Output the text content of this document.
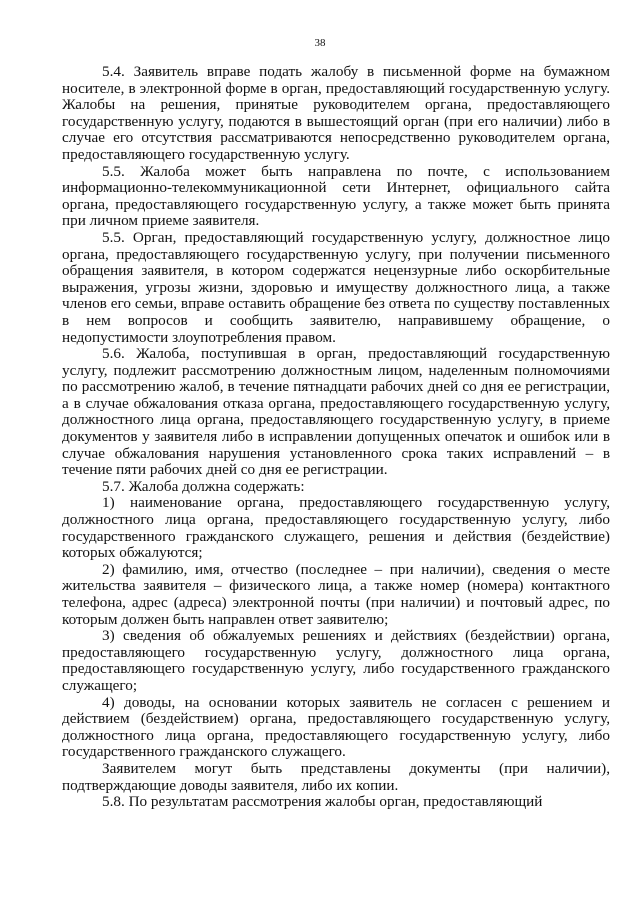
38

5.4. Заявитель вправе подать жалобу в письменной форме на бумажном носителе, в электронной форме в орган, предоставляющий государственную услугу. Жалобы на решения, принятые руководителем органа, предоставляющего государственную услугу, подаются в вышестоящий орган (при его наличии) либо в случае его отсутствия рассматриваются непосредственно руководителем органа, предоставляющего государственную услугу.

5.5. Жалоба может быть направлена по почте, с использованием информационно-телекоммуникационной сети Интернет, официального сайта органа, предоставляющего государственную услугу, а также может быть принята при личном приеме заявителя.

5.5. Орган, предоставляющий государственную услугу, должностное лицо органа, предоставляющего государственную услугу, при получении письменного обращения заявителя, в котором содержатся нецензурные либо оскорбительные выражения, угрозы жизни, здоровью и имуществу должностного лица, а также членов его семьи, вправе оставить обращение без ответа по существу поставленных в нем вопросов и сообщить заявителю, направившему обращение, о недопустимости злоупотребления правом.

5.6. Жалоба, поступившая в орган, предоставляющий государственную услугу, подлежит рассмотрению должностным лицом, наделенным полномочиями по рассмотрению жалоб, в течение пятнадцати рабочих дней со дня ее регистрации, а в случае обжалования отказа органа, предоставляющего государственную услугу, должностного лица органа, предоставляющего государственную услугу, в приеме документов у заявителя либо в исправлении допущенных опечаток и ошибок или в случае обжалования нарушения установленного срока таких исправлений – в течение пяти рабочих дней со дня ее регистрации.

5.7. Жалоба должна содержать:

1) наименование органа, предоставляющего государственную услугу, должностного лица органа, предоставляющего государственную услугу, либо государственного гражданского служащего, решения и действия (бездействие) которых обжалуются;

2) фамилию, имя, отчество (последнее – при наличии), сведения о месте жительства заявителя – физического лица, а также номер (номера) контактного телефона, адрес (адреса) электронной почты (при наличии) и почтовый адрес, по которым должен быть направлен ответ заявителю;

3) сведения об обжалуемых решениях и действиях (бездействии) органа, предоставляющего государственную услугу, должностного лица органа, предоставляющего государственную услугу, либо государственного гражданского служащего;

4) доводы, на основании которых заявитель не согласен с решением и действием (бездействием) органа, предоставляющего государственную услугу, должностного лица органа, предоставляющего государственную услугу, либо государственного гражданского служащего.

Заявителем могут быть представлены документы (при наличии), подтверждающие доводы заявителя, либо их копии.

5.8. По результатам рассмотрения жалобы орган, предоставляющий
